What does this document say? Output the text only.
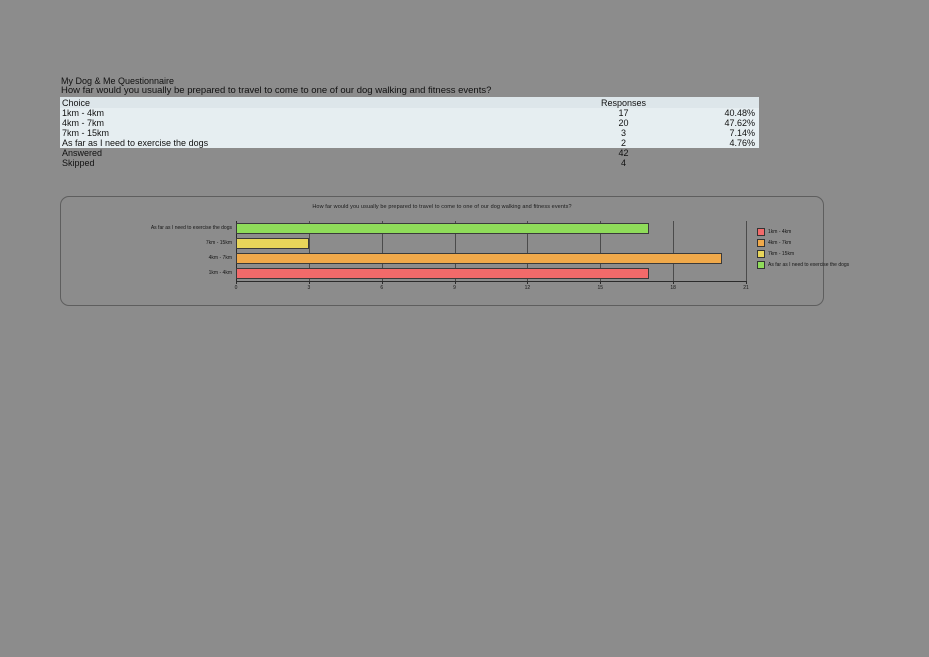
My Dog & Me Questionnaire
How far would you usually be prepared to travel to come to one of our dog walking and fitness events?
Choice	Responses	
1km - 4km	17	40.48%
4km - 7km	20	47.62%
7km - 15km	3	7.14%
As far as I need to exercise the dogs	2	4.76%
Answered	42	
Skipped	4	
How far would you usually be prepared to travel to come to one of our dog walking and fitness events?
As far as I need to exercise the dogs
7km - 15km
4km - 7km
1km - 4km
0	3	6	9	12	15	18	21
1km - 4km
4km - 7km
7km - 15km
As far as I need to exercise the dogs
